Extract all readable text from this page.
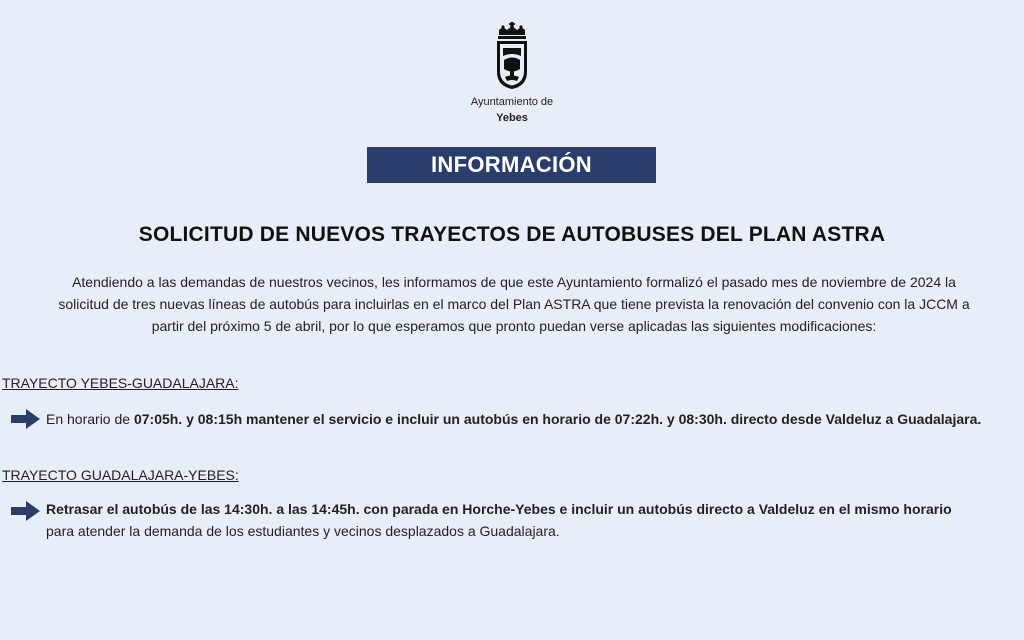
Ayuntamiento de
Yebes
INFORMACIÓN
SOLICITUD DE NUEVOS TRAYECTOS DE AUTOBUSES DEL PLAN ASTRA
Atendiendo a las demandas de nuestros vecinos, les informamos de que este Ayuntamiento formalizó el pasado mes de noviembre de 2024 la
solicitud de tres nuevas líneas de autobús para incluirlas en el marco del Plan ASTRA que tiene prevista la renovación del convenio con la JCCM a
partir del próximo 5 de abril, por lo que esperamos que pronto puedan verse aplicadas las siguientes modificaciones:
TRAYECTO YEBES-GUADALAJARA:
En horario de 07:05h. y 08:15h mantener el servicio e incluir un autobús en horario de 07:22h. y 08:30h. directo desde Valdeluz a Guadalajara.
TRAYECTO GUADALAJARA-YEBES:
Retrasar el autobús de las 14:30h. a las 14:45h. con parada en Horche-Yebes e incluir un autobús directo a Valdeluz en el mismo horario
para atender la demanda de los estudiantes y vecinos desplazados a Guadalajara.
